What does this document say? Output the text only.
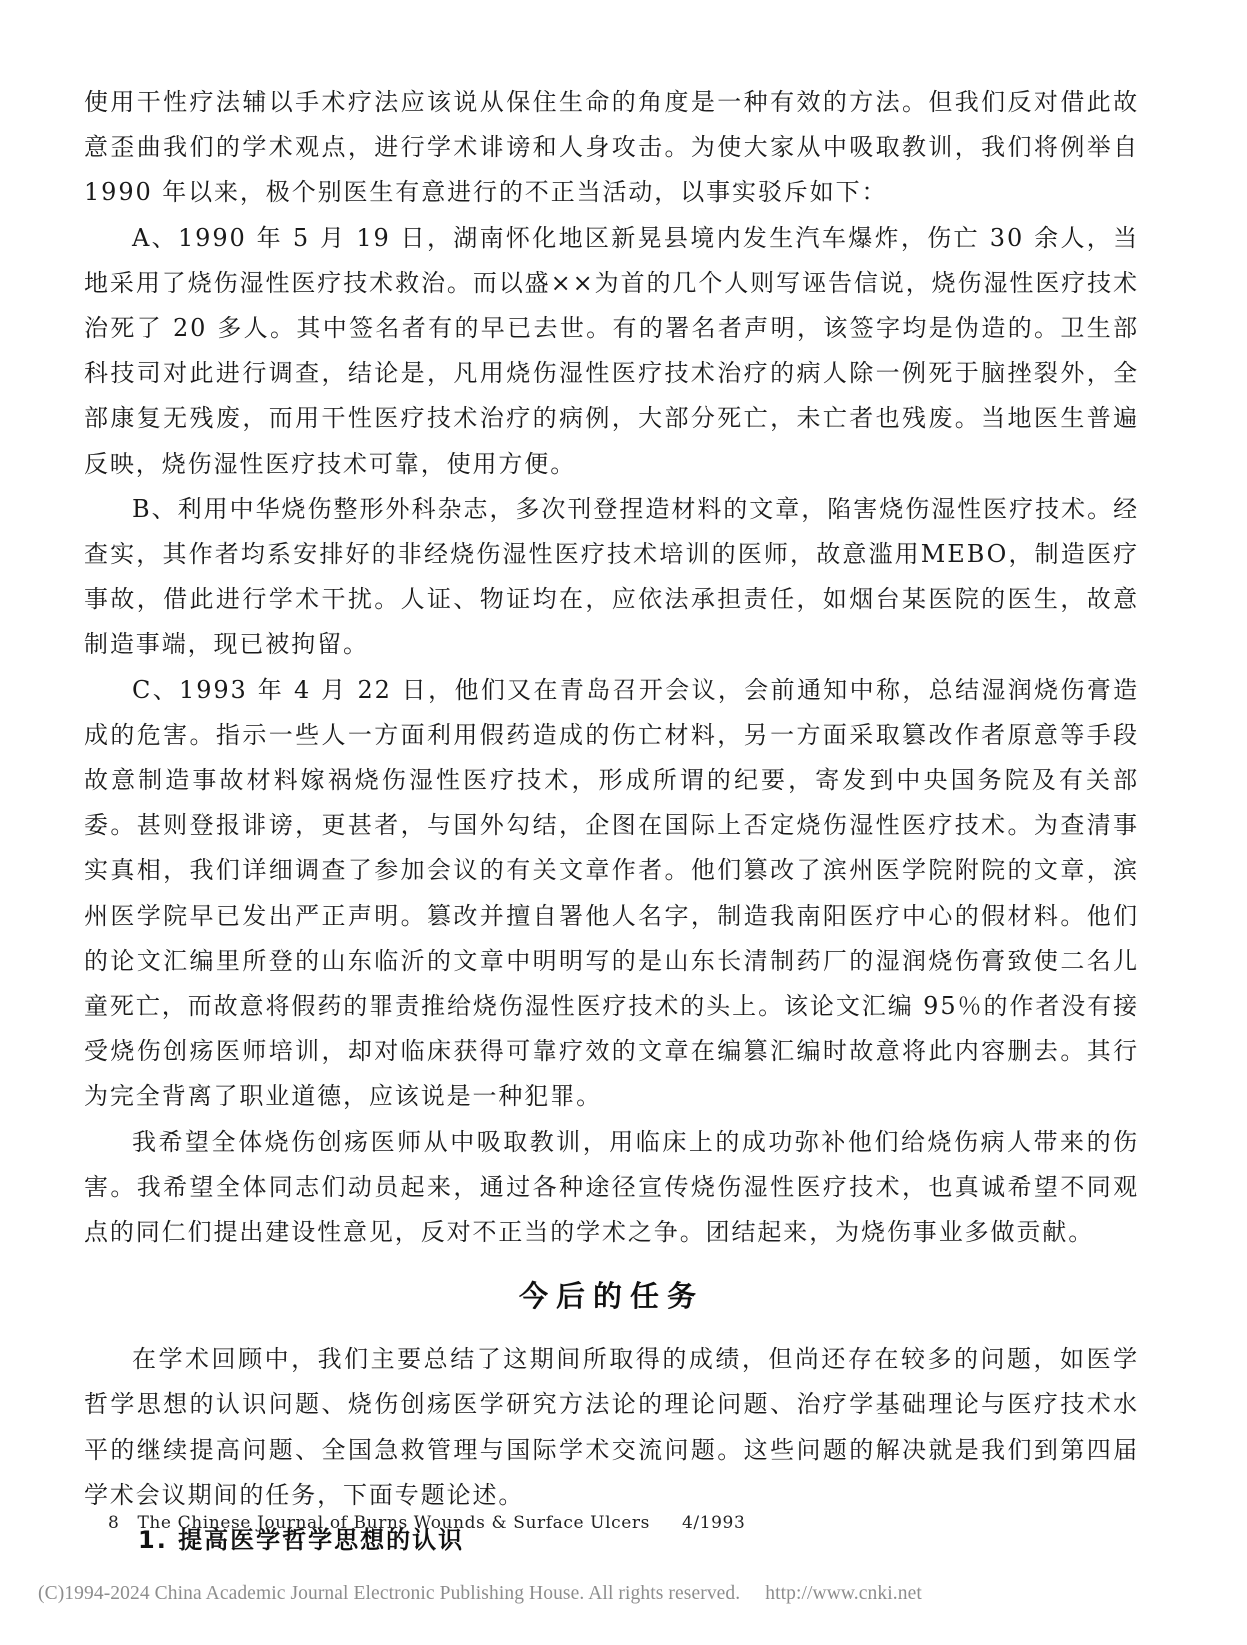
使用干性疗法辅以手术疗法应该说从保住生命的角度是一种有效的方法。但我们反对借此故意歪曲我们的学术观点，进行学术诽谤和人身攻击。为使大家从中吸取教训，我们将例举自 1990 年以来，极个别医生有意进行的不正当活动，以事实驳斥如下：

A、1990 年 5 月 19 日，湖南怀化地区新晃县境内发生汽车爆炸，伤亡 30 余人，当地采用了烧伤湿性医疗技术救治。而以盛××为首的几个人则写诬告信说，烧伤湿性医疗技术治死了 20 多人。其中签名者有的早已去世。有的署名者声明，该签字均是伪造的。卫生部科技司对此进行调查，结论是，凡用烧伤湿性医疗技术治疗的病人除一例死于脑挫裂外，全部康复无残废，而用干性医疗技术治疗的病例，大部分死亡，未亡者也残废。当地医生普遍反映，烧伤湿性医疗技术可靠，使用方便。

B、利用中华烧伤整形外科杂志，多次刊登捏造材料的文章，陷害烧伤湿性医疗技术。经查实，其作者均系安排好的非经烧伤湿性医疗技术培训的医师，故意滥用MEBO，制造医疗事故，借此进行学术干扰。人证、物证均在，应依法承担责任，如烟台某医院的医生，故意制造事端，现已被拘留。

C、1993 年 4 月 22 日，他们又在青岛召开会议，会前通知中称，总结湿润烧伤膏造成的危害。指示一些人一方面利用假药造成的伤亡材料，另一方面采取篡改作者原意等手段故意制造事故材料嫁祸烧伤湿性医疗技术，形成所谓的纪要，寄发到中央国务院及有关部委。甚则登报诽谤，更甚者，与国外勾结，企图在国际上否定烧伤湿性医疗技术。为查清事实真相，我们详细调查了参加会议的有关文章作者。他们篡改了滨州医学院附院的文章，滨州医学院早已发出严正声明。篡改并擅自署他人名字，制造我南阳医疗中心的假材料。他们的论文汇编里所登的山东临沂的文章中明明写的是山东长清制药厂的湿润烧伤膏致使二名儿童死亡，而故意将假药的罪责推给烧伤湿性医疗技术的头上。该论文汇编 95％的作者没有接受烧伤创疡医师培训，却对临床获得可靠疗效的文章在编篡汇编时故意将此内容删去。其行为完全背离了职业道德，应该说是一种犯罪。

我希望全体烧伤创疡医师从中吸取教训，用临床上的成功弥补他们给烧伤病人带来的伤害。我希望全体同志们动员起来，通过各种途径宣传烧伤湿性医疗技术，也真诚希望不同观点的同仁们提出建设性意见，反对不正当的学术之争。团结起来，为烧伤事业多做贡献。

今后的任务

在学术回顾中，我们主要总结了这期间所取得的成绩，但尚还存在较多的问题，如医学哲学思想的认识问题、烧伤创疡医学研究方法论的理论问题、治疗学基础理论与医疗技术水平的继续提高问题、全国急救管理与国际学术交流问题。这些问题的解决就是我们到第四届学术会议期间的任务，下面专题论述。

1. 提高医学哲学思想的认识
8 The Chinese Journal of Burns Wounds & Surface Ulcers 4/1993
(C)1994-2024 China Academic Journal Electronic Publishing House. All rights reserved. http://www.cnki.net
